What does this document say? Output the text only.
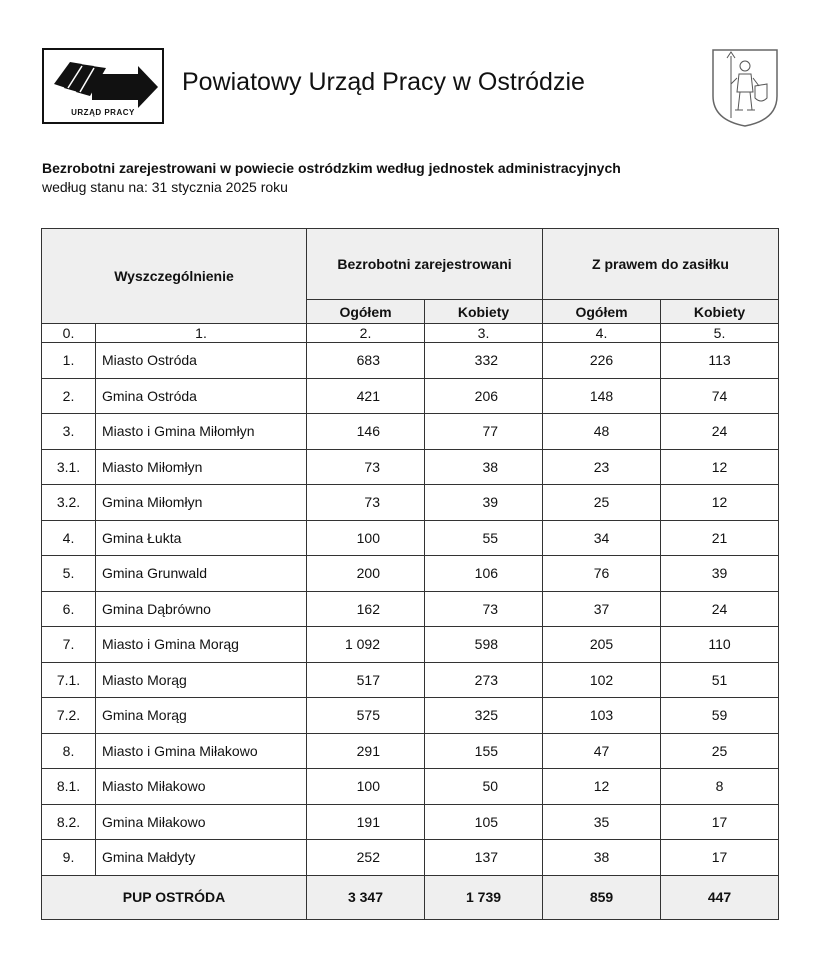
URZĄD PRACY
Powiatowy Urząd Pracy w Ostródzie
Bezrobotni zarejestrowani w powiecie ostródzkim według jednostek administracyjnych
według stanu na: 31 stycznia 2025 roku
Wyszczególnienie		Bezrobotni zarejestrowani		Z prawem do zasiłku	
		Ogółem	Kobiety	Ogółem	Kobiety
0.	1.	2.	3.	4.	5.
1.	Miasto Ostróda	683	332	226	113
2.	Gmina Ostróda	421	206	148	74
3.	Miasto i Gmina Miłomłyn	146	77	48	24
3.1.	Miasto Miłomłyn	73	38	23	12
3.2.	Gmina Miłomłyn	73	39	25	12
4.	Gmina Łukta	100	55	34	21
5.	Gmina Grunwald	200	106	76	39
6.	Gmina Dąbrówno	162	73	37	24
7.	Miasto i Gmina Morąg	1 092	598	205	110
7.1.	Miasto Morąg	517	273	102	51
7.2.	Gmina Morąg	575	325	103	59
8.	Miasto i Gmina Miłakowo	291	155	47	25
8.1.	Miasto Miłakowo	100	50	12	8
8.2.	Gmina Miłakowo	191	105	35	17
9.	Gmina Małdyty	252	137	38	17
PUP OSTRÓDA		3 347	1 739	859	447
